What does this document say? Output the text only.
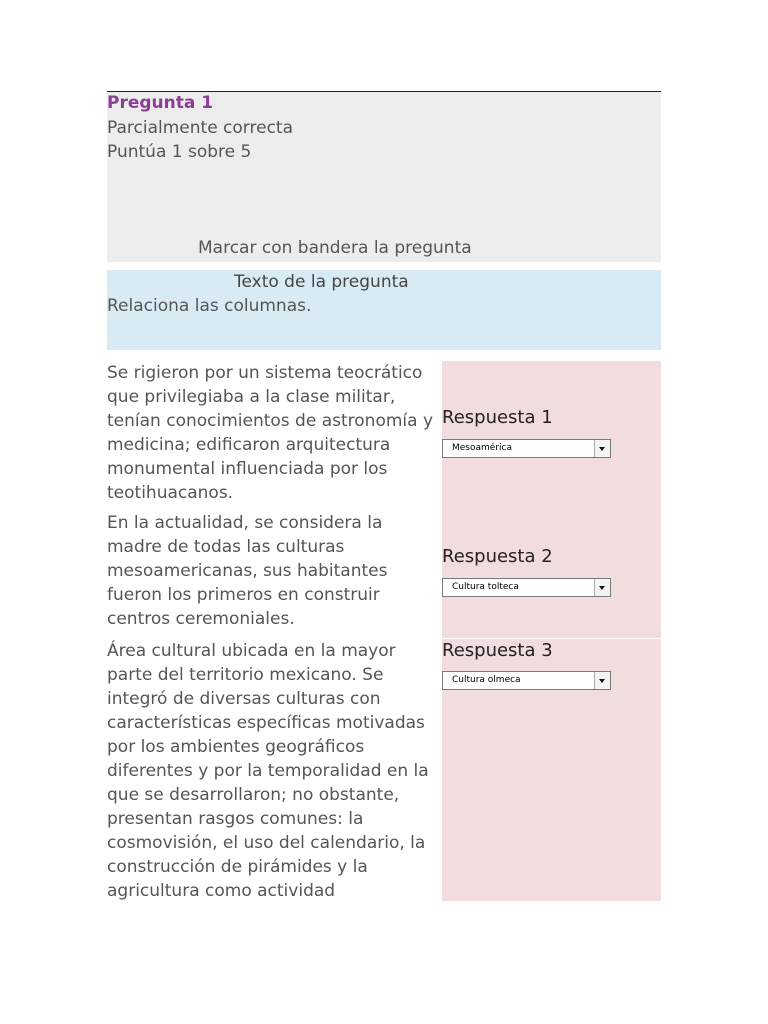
Pregunta 1
Parcialmente correcta
Puntúa 1 sobre 5
Marcar con bandera la pregunta
Texto de la pregunta
Relaciona las columnas.
Se rigieron por un sistema teocrático que privilegiaba a la clase militar, tenían conocimientos de astronomía y medicina; edificaron arquitectura monumental influenciada por los teotihuacanos.
Respuesta 1
Mesoamérica
En la actualidad, se considera la madre de todas las culturas mesoamericanas, sus habitantes fueron los primeros en construir centros ceremoniales.
Respuesta 2
Cultura tolteca
Área cultural ubicada en la mayor parte del territorio mexicano. Se integró de diversas culturas con características específicas motivadas por los ambientes geográficos diferentes y por la temporalidad en la que se desarrollaron; no obstante, presentan rasgos comunes: la cosmovisión, el uso del calendario, la construcción de pirámides y la agricultura como actividad
Respuesta 3
Cultura olmeca
